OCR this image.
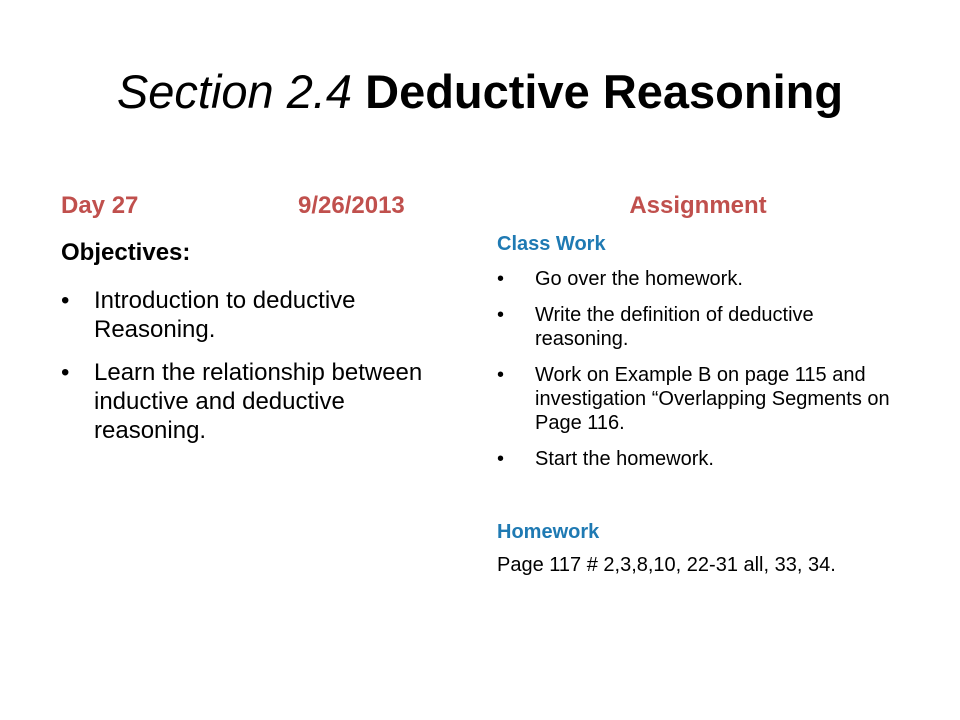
Section 2.4 Deductive Reasoning
Day 27	9/26/2013
Objectives:
• Introduction to deductive Reasoning.
• Learn the relationship between inductive and deductive reasoning.
Assignment
Class Work
• Go over the homework.
• Write the definition of deductive reasoning.
• Work on Example B on page 115 and investigation “Overlapping Segments on Page 116.
• Start the homework.
Homework
Page 117 # 2,3,8,10, 22-31 all, 33, 34.
